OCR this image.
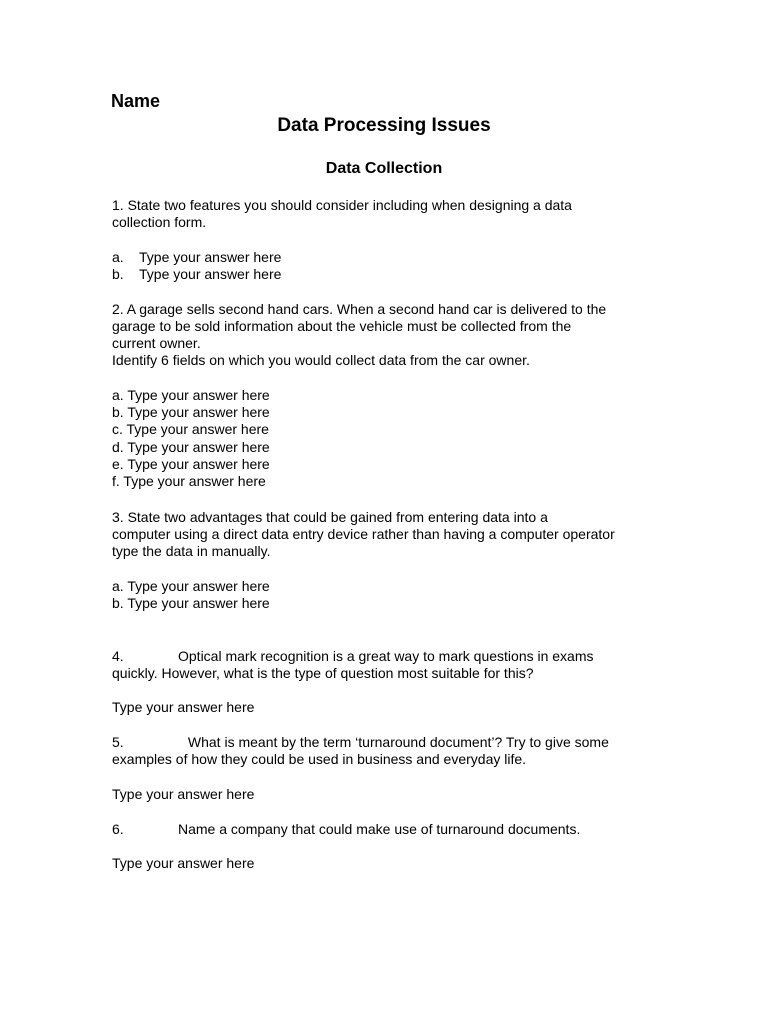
Name
Data Processing Issues
Data Collection
1. State two features you should consider including when designing a data
collection form.
a. Type your answer here
b. Type your answer here
2. A garage sells second hand cars. When a second hand car is delivered to the
garage to be sold information about the vehicle must be collected from the
current owner.
Identify 6 fields on which you would collect data from the car owner.
a. Type your answer here
b. Type your answer here
c. Type your answer here
d. Type your answer here
e. Type your answer here
f. Type your answer here
3. State two advantages that could be gained from entering data into a
computer using a direct data entry device rather than having a computer operator
type the data in manually.
a. Type your answer here
b. Type your answer here
4.	Optical mark recognition is a great way to mark questions in exams
quickly. However, what is the type of question most suitable for this?
Type your answer here
5.	What is meant by the term ‘turnaround document’? Try to give some
examples of how they could be used in business and everyday life.
Type your answer here
6.	Name a company that could make use of turnaround documents.
Type your answer here
